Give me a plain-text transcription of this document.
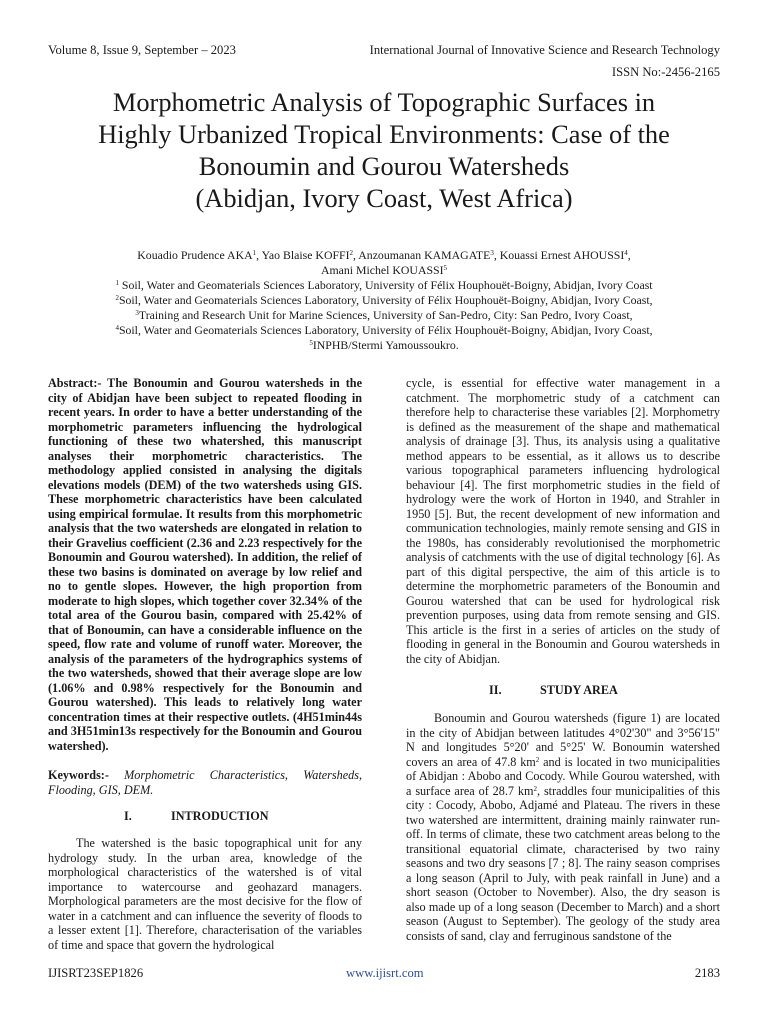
Volume 8, Issue 9, September – 2023	International Journal of Innovative Science and Research Technology
ISSN No:-2456-2165
Morphometric Analysis of Topographic Surfaces in
Highly Urbanized Tropical Environments: Case of the
Bonoumin and Gourou Watersheds
(Abidjan, Ivory Coast, West Africa)
Kouadio Prudence AKA$^1$, Yao Blaise KOFFI$^2$, Anzoumanan KAMAGATE$^3$, Kouassi Ernest AHOUSSI$^4$,
Amani Michel KOUASSI$^5$
$^1$ Soil, Water and Geomaterials Sciences Laboratory, University of Félix Houphouët-Boigny, Abidjan, Ivory Coast
$^2$Soil, Water and Geomaterials Sciences Laboratory, University of Félix Houphouët-Boigny, Abidjan, Ivory Coast,
$^3$Training and Research Unit for Marine Sciences, University of San-Pedro, City: San Pedro, Ivory Coast,
$^4$Soil, Water and Geomaterials Sciences Laboratory, University of Félix Houphouët-Boigny, Abidjan, Ivory Coast,
$^5$INPHB/Stermi Yamoussoukro.

Abstract:- The Bonoumin and Gourou watersheds in the city of Abidjan have been subject to repeated flooding in recent years. In order to have a better understanding of the morphometric parameters influencing the hydrological functioning of these two whatershed, this manuscript analyses their morphometric characteristics. The methodology applied consisted in analysing the digitals elevations models (DEM) of the two watersheds using GIS. These morphometric characteristics have been calculated using empirical formulae. It results from this morphometric analysis that the two watersheds are elongated in relation to their Gravelius coefficient (2.36 and 2.23 respectively for the Bonoumin and Gourou watershed). In addition, the relief of these two basins is dominated on average by low relief and no to gentle slopes. However, the high proportion from moderate to high slopes, which together cover 32.34% of the total area of the Gourou basin, compared with 25.42% of that of Bonoumin, can have a considerable influence on the speed, flow rate and volume of runoff water. Moreover, the analysis of the parameters of the hydrographics systems of the two watersheds, showed that their average slope are low (1.06% and 0.98% respectively for the Bonoumin and Gourou watershed). This leads to relatively long water concentration times at their respective outlets. (4H51min44s and 3H51min13s respectively for the Bonoumin and Gourou watershed).

Keywords:- Morphometric Characteristics, Watersheds, Flooding, GIS, DEM.
I.	INTRODUCTION

The watershed is the basic topographical unit for any hydrology study. In the urban area, knowledge of the morphological characteristics of the watershed is of vital importance to watercourse and geohazard managers. Morphological parameters are the most decisive for the flow of water in a catchment and can influence the severity of floods to a lesser extent [1]. Therefore, characterisation of the variables of time and space that govern the hydrological

cycle, is essential for effective water management in a catchment. The morphometric study of a catchment can therefore help to characterise these variables [2]. Morphometry is defined as the measurement of the shape and mathematical analysis of drainage [3]. Thus, its analysis using a qualitative method appears to be essential, as it allows us to describe various topographical parameters influencing hydrological behaviour [4]. The first morphometric studies in the field of hydrology were the work of Horton in 1940, and Strahler in 1950 [5]. But, the recent development of new information and communication technologies, mainly remote sensing and GIS in the 1980s, has considerably revolutionised the morphometric analysis of catchments with the use of digital technology [6]. As part of this digital perspective, the aim of this article is to determine the morphometric parameters of the Bonoumin and Gourou watershed that can be used for hydrological risk prevention purposes, using data from remote sensing and GIS. This article is the first in a series of articles on the study of flooding in general in the Bonoumin and Gourou watersheds in the city of Abidjan.

II.	STUDY AREA

Bonoumin and Gourou watersheds (figure 1) are located in the city of Abidjan between latitudes 4°02'30" and 3°56'15" N and longitudes 5°20' and 5°25' W. Bonoumin watershed covers an area of 47.8 $km^2$ and is located in two municipalities of Abidjan : Abobo and Cocody. While Gourou watershed, with a surface area of 28.7 $km^2$, straddles four municipalities of this city : Cocody, Abobo, Adjamé and Plateau. The rivers in these two watershed are intermittent, draining mainly rainwater run-off. In terms of climate, these two catchment areas belong to the transitional equatorial climate, characterised by two rainy seasons and two dry seasons [7 ; 8]. The rainy season comprises a long season (April to July, with peak rainfall in June) and a short season (October to November). Also, the dry season is also made up of a long season (December to March) and a short season (August to September). The geology of the study area consists of sand, clay and ferruginous sandstone of the

IJISRT23SEP1826	www.ijisrt.com	2183
